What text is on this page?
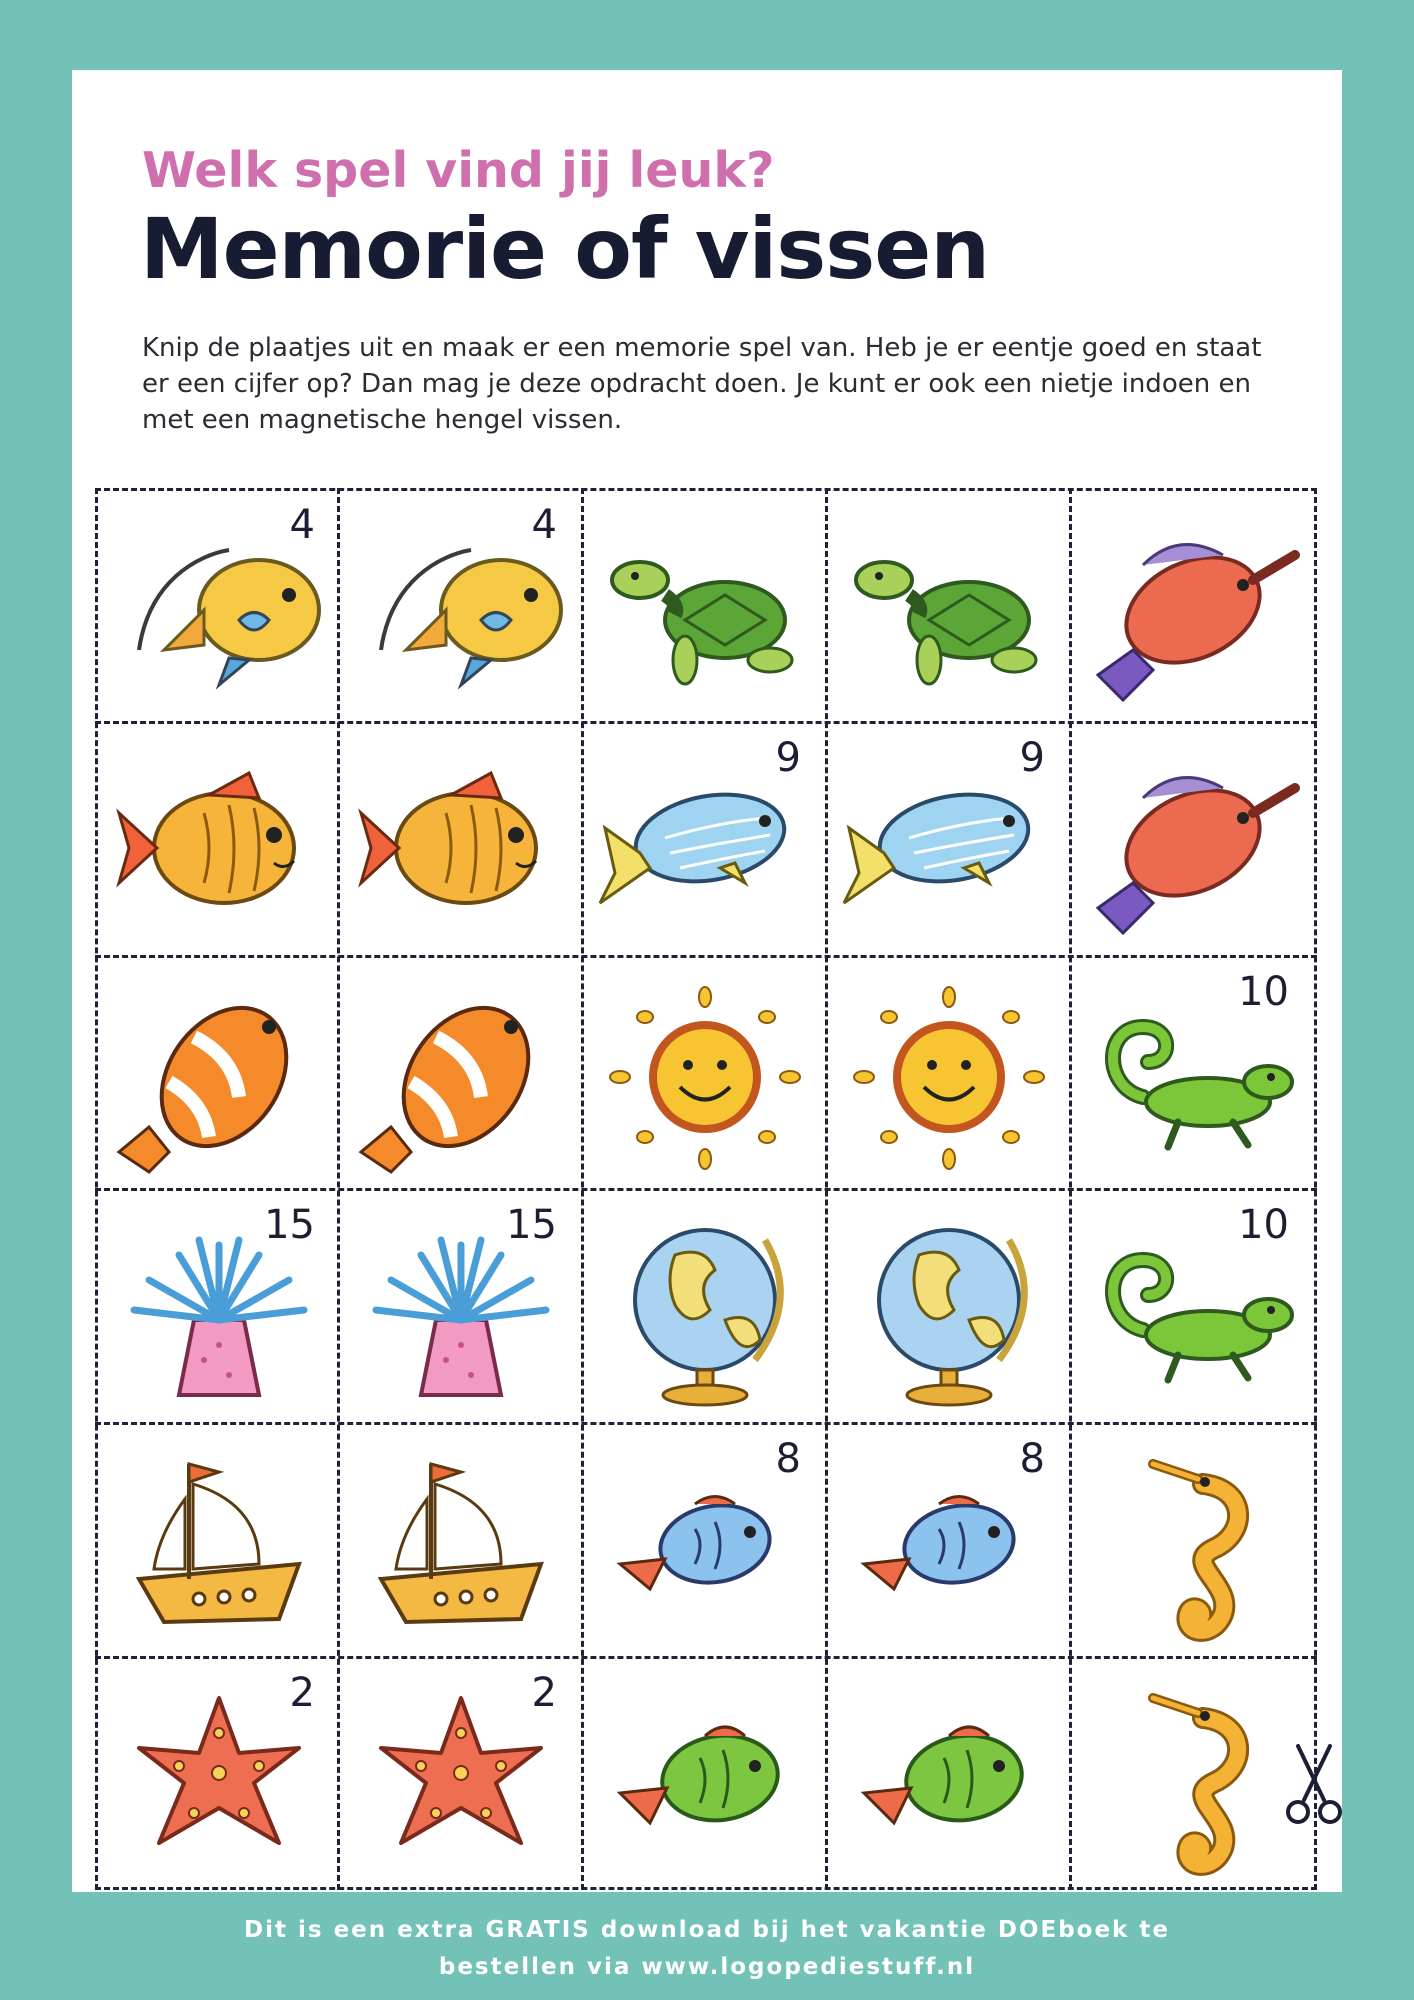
Welk spel vind jij leuk?
Memorie of vissen
Knip de plaatjes uit en maak er een memorie spel van. Heb je er eentje goed en staat er een cijfer op? Dan mag je deze opdracht doen. Je kunt er ook een nietje indoen en met een magnetische hengel vissen.
4	4
9	9
10
15	15	10
8	8
2	2
Dit is een extra GRATIS download bij het vakantie DOEboek te
bestellen via www.logopediestuff.nl
